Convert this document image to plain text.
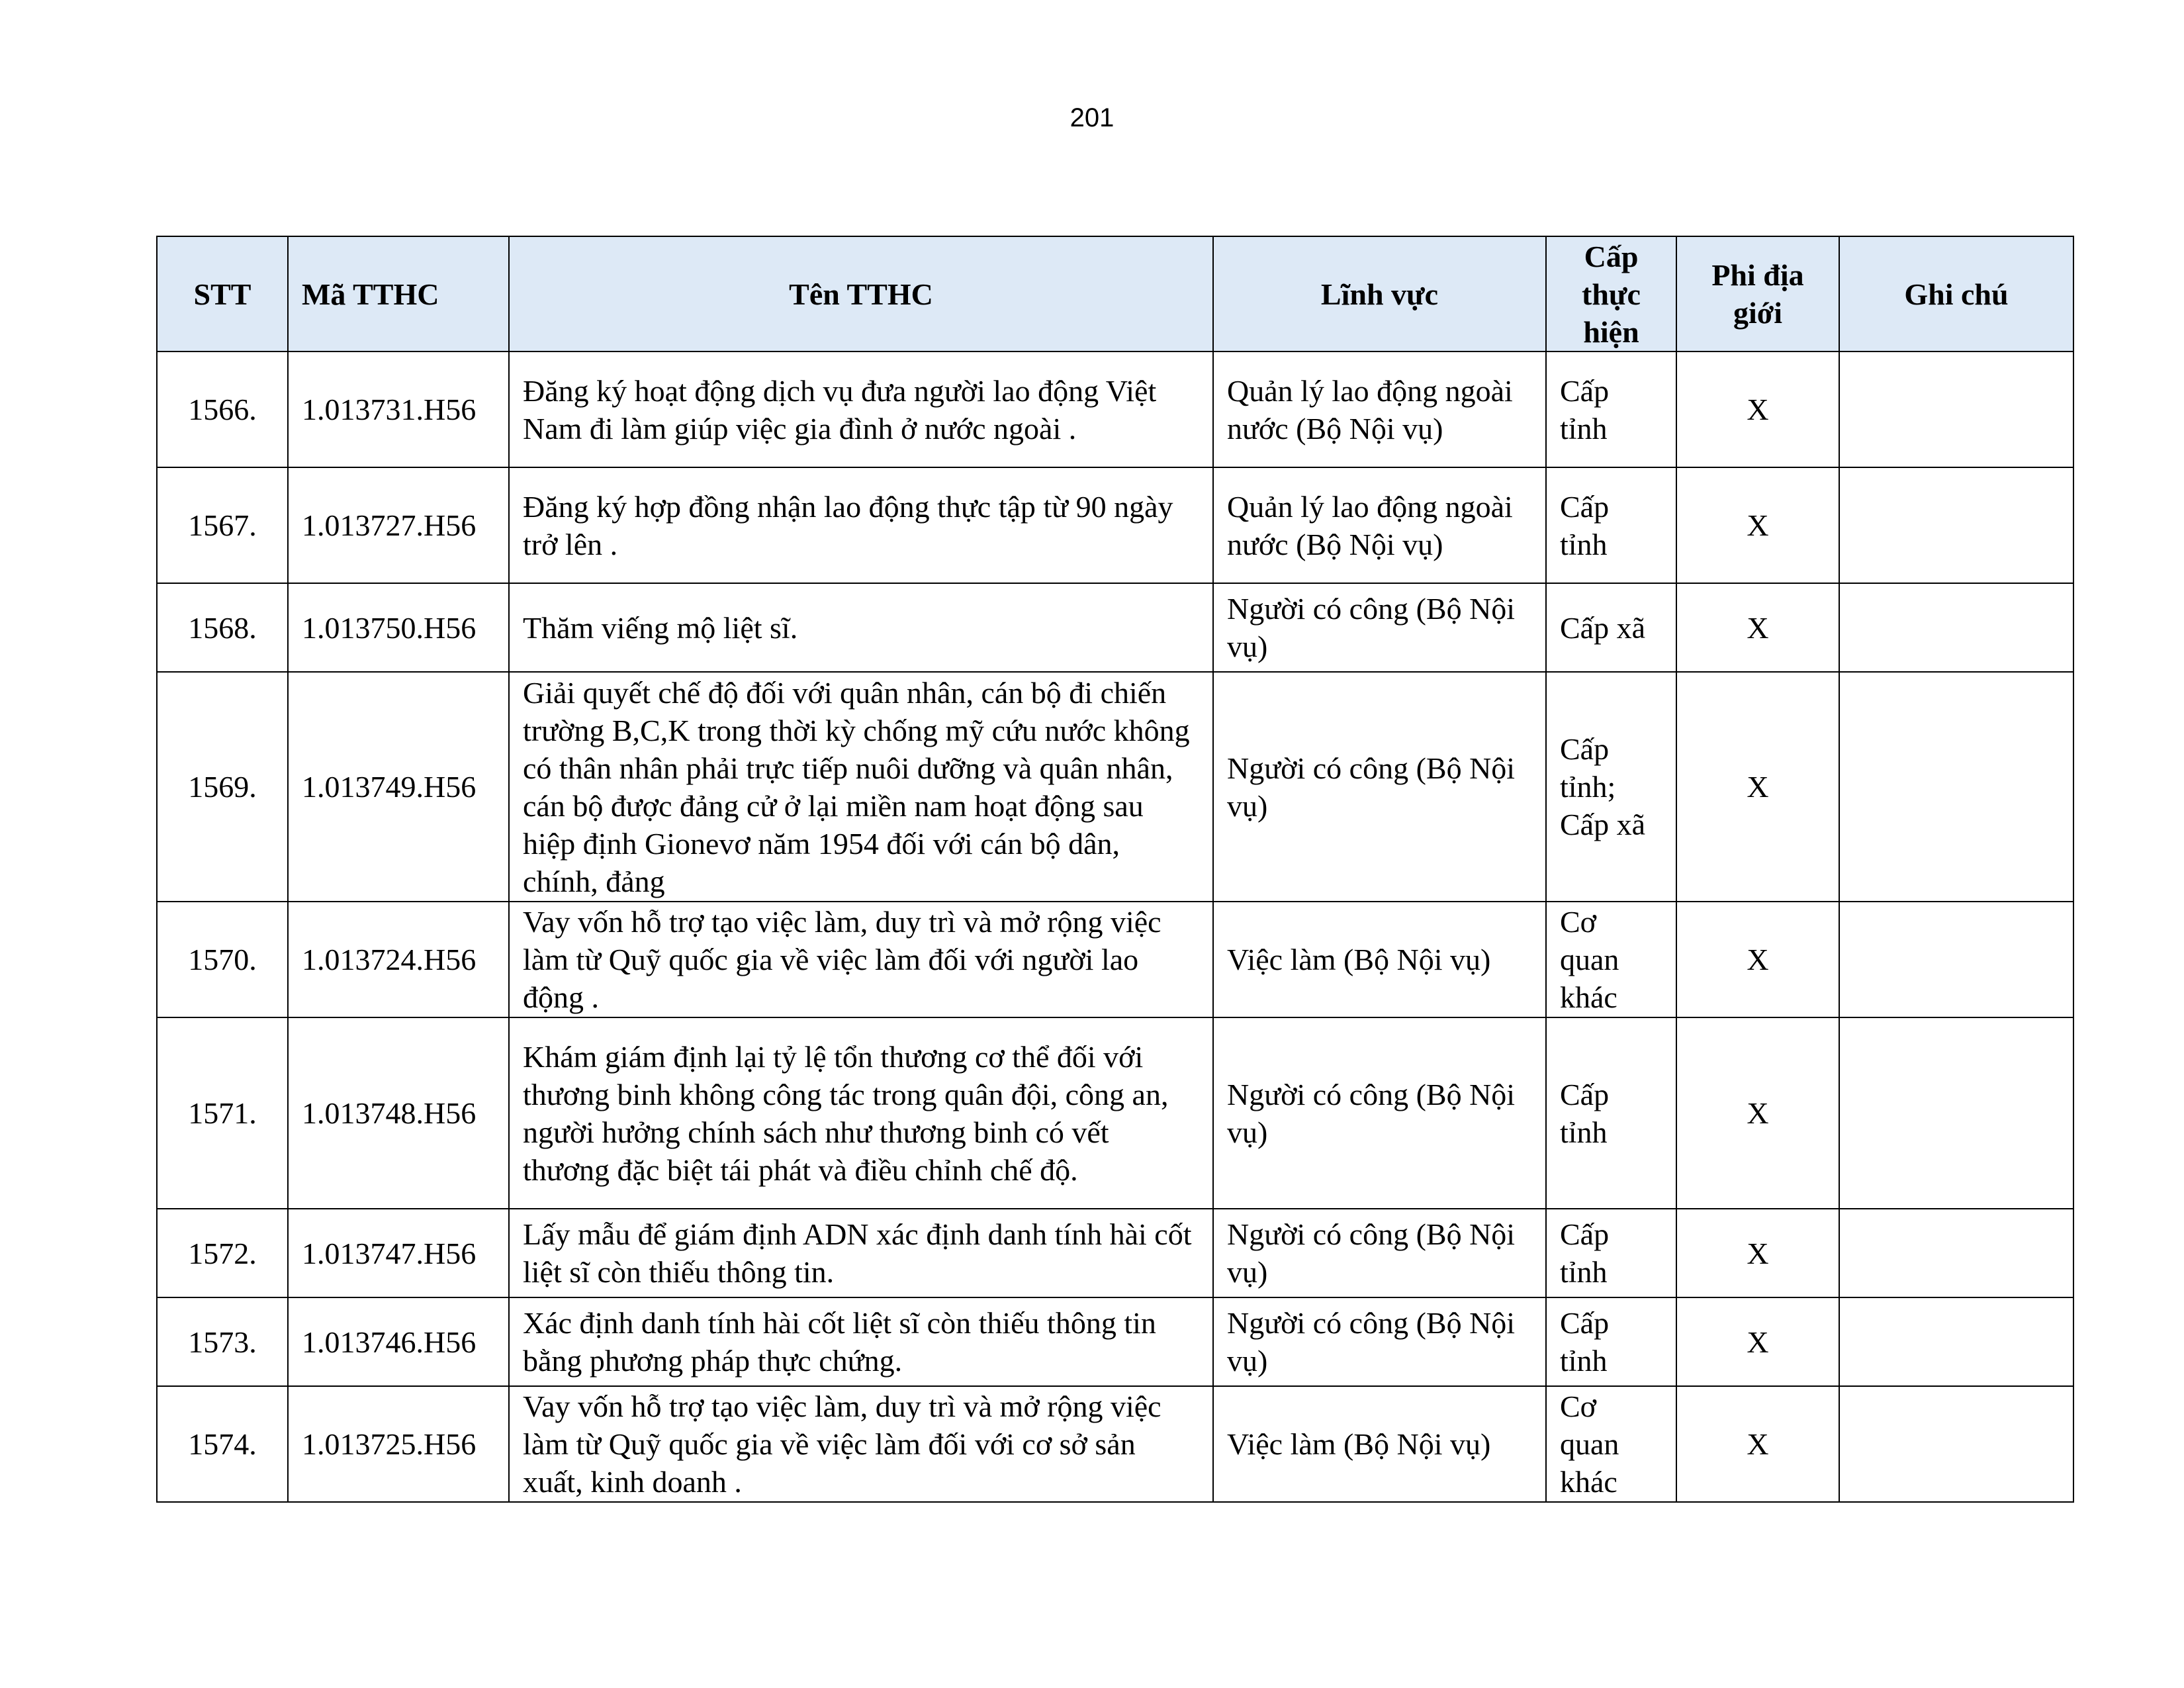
201
STT	Mã TTHC	Tên TTHC	Lĩnh vực	Cấp thực hiện	Phi địa giới	Ghi chú
1566.	1.013731.H56	Đăng ký hoạt động dịch vụ đưa người lao động Việt Nam đi làm giúp việc gia đình ở nước ngoài .	Quản lý lao động ngoài nước (Bộ Nội vụ)	Cấp tỉnh	X	
1567.	1.013727.H56	Đăng ký hợp đồng nhận lao động thực tập từ 90 ngày trở lên .	Quản lý lao động ngoài nước (Bộ Nội vụ)	Cấp tỉnh	X	
1568.	1.013750.H56	Thăm viếng mộ liệt sĩ.	Người có công (Bộ Nội vụ)	Cấp xã	X	
1569.	1.013749.H56	Giải quyết chế độ đối với quân nhân, cán bộ đi chiến trường B,C,K trong thời kỳ chống mỹ cứu nước không có thân nhân phải trực tiếp nuôi dưỡng và quân nhân, cán bộ được đảng cử ở lại miền nam hoạt động sau hiệp định Gionevơ năm 1954 đối với cán bộ dân, chính, đảng	Người có công (Bộ Nội vụ)	Cấp tỉnh; Cấp xã	X	
1570.	1.013724.H56	Vay vốn hỗ trợ tạo việc làm, duy trì và mở rộng việc làm từ Quỹ quốc gia về việc làm đối với người lao động .	Việc làm (Bộ Nội vụ)	Cơ quan khác	X	
1571.	1.013748.H56	Khám giám định lại tỷ lệ tổn thương cơ thể đối với thương binh không công tác trong quân đội, công an, người hưởng chính sách như thương binh có vết thương đặc biệt tái phát và điều chỉnh chế độ.	Người có công (Bộ Nội vụ)	Cấp tỉnh	X	
1572.	1.013747.H56	Lấy mẫu để giám định ADN xác định danh tính hài cốt liệt sĩ còn thiếu thông tin.	Người có công (Bộ Nội vụ)	Cấp tỉnh	X	
1573.	1.013746.H56	Xác định danh tính hài cốt liệt sĩ còn thiếu thông tin bằng phương pháp thực chứng.	Người có công (Bộ Nội vụ)	Cấp tỉnh	X	
1574.	1.013725.H56	Vay vốn hỗ trợ tạo việc làm, duy trì và mở rộng việc làm từ Quỹ quốc gia về việc làm đối với cơ sở sản xuất, kinh doanh .	Việc làm (Bộ Nội vụ)	Cơ quan khác	X	
